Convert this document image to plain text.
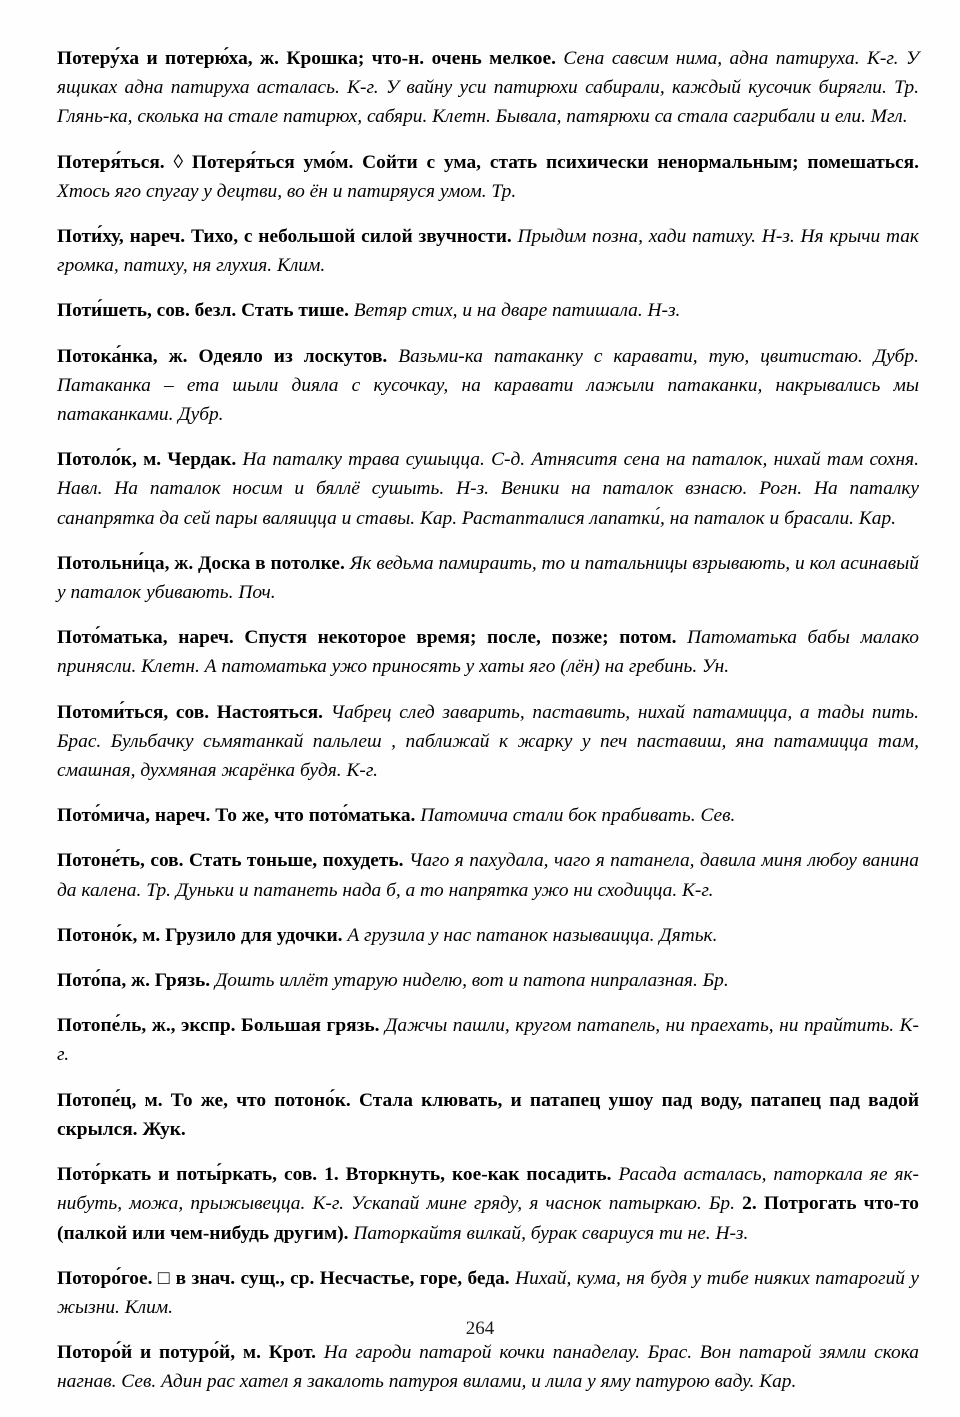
Потеру́ха и потерю́ха, ж. Крошка; что-н. очень мелкое. Сена савсим нима, адна патируха. К-г. У ящиках адна патируха асталась. К-г. У вайну уси патирюхи сабирали, каждый кусочик бирягли. Тр. Глянь-ка, сколька на стале патирюх, сабяри. Клетн. Бывала, патярюхи са стала сагрибали и ели. Мгл.

Потеря́ться. ◊ Потеря́ться умо́м. Сойти с ума, стать психически ненормальным; помешаться. Хтось яго спугау у децтви, во ён и патиряуся умом. Тр.

Поти́ху, нареч. Тихо, с небольшой силой звучности. Прыдим позна, хади патиху. Н-з. Ня крычи так громка, патиху, ня глухия. Клим.

Поти́шеть, сов. безл. Стать тише. Ветяр стих, и на дваре патишала. Н-з.

Потока́нка, ж. Одеяло из лоскутов. Вазьми-ка патаканку с каравати, тую, цвитистаю. Дубр. Патаканка – ета шыли дияла с кусочкау, на каравати лажыли патаканки, накрывались мы патаканками. Дубр.

Потоло́к, м. Чердак. На паталку трава сушыцца. С-д. Атняситя сена на паталок, нихай там сохня. Навл. На паталок носим и бяллё сушыть. Н-з. Веники на паталок взнасю. Рогн. На паталку санапрятка да сей пары валяицца и ставы. Кар. Растапталися лапатки́, на паталок и брасали. Кар.

Потольни́ца, ж. Доска в потолке. Як ведьма памираить, то и патальницы взрывають, и кол асинавый у паталок убивають. Поч.

Пото́матька, нареч. Спустя некоторое время; после, позже; потом. Патоматька бабы малако принясли. Клетн. А патоматька ужо приносять у хаты яго (лён) на гребинь. Ун.

Потоми́ться, сов. Настояться. Чабрец след заварить, паставить, нихай патамицца, а тады пить. Брас. Бульбачку сьмятанкай пальлеш , паближай к жарку у печ паставиш, яна патамицца там, смашная, духмяная жарёнка будя. К-г.

Пото́мича, нареч. То же, что пото́матька. Патомича стали бок прабивать. Сев.

Потоне́ть, сов. Стать тоньше, похудеть. Чаго я пахудала, чаго я патанела, давила миня любоу ванина да калена. Тр. Дуньки и патанеть нада б, а то напрятка ужо ни сходицца. К-г.

Потоно́к, м. Грузило для удочки. А грузила у нас патанок называицца. Дятьк.

Пото́па, ж. Грязь. Дошть иллёт утарую ниделю, вот и патопа нипралазная. Бр.

Потопе́ль, ж., экспр. Большая грязь. Дажчы пашли, кругом патапель, ни праехать, ни прайтить. К-г.

Потопе́ц, м. То же, что потоно́к. Стала клювать, и патапец ушоу пад воду, патапец пад вадой скрылся. Жук.

Пото́ркать и поты́ркать, сов. 1. Вторкнуть, кое-как посадить. Расада асталась, паторкала яе як-нибуть, можа, прыжывецца. К-г. Ускапай мине гряду, я часнок патыркаю. Бр. 2. Потрогать что-то (палкой или чем-нибудь другим). Паторкайтя вилкай, бурак свариуся ти не. Н-з.

Поторо́гое. □ в знач. сущ., ср. Несчастье, горе, беда. Нихай, кума, ня будя у тибе нияких патарогий у жызни. Клим.

Поторо́й и потуро́й, м. Крот. На гароди патарой кочки панаделау. Брас. Вон патарой зямли скока нагнав. Сев. Адин рас хател я закалоть патуроя вилами, и лила у яму патурою ваду. Кар.

264
